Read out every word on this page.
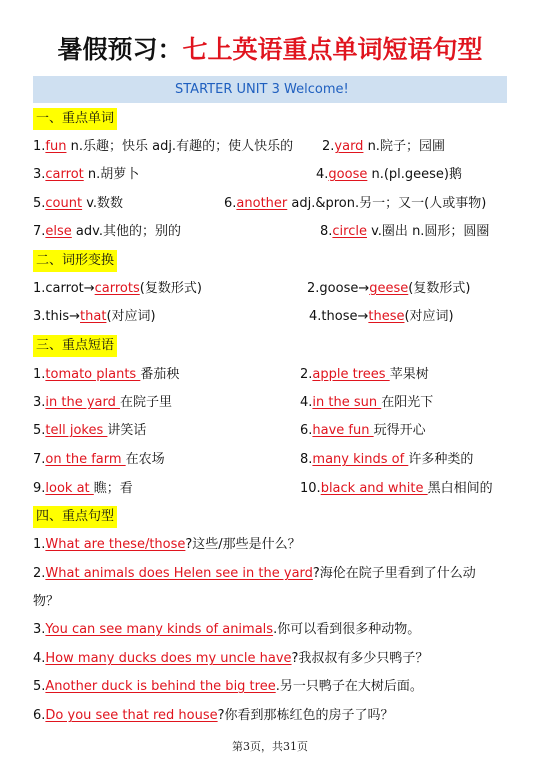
暑假预习：七上英语重点单词短语句型
STARTER UNIT 3 Welcome!
一、重点单词
1.fun n.乐趣；快乐 adj.有趣的；使人快乐的 2.yard n.院子；园圃
3.carrot n.胡萝卜	4.goose n.(pl.geese)鹅
5.count v.数数	6.another adj.&pron.另一；又一(人或事物)
7.else adv.其他的；别的	8.circle v.圈出 n.圆形；圆圈
二、词形变换
1.carrot→carrots(复数形式)	2.goose→geese(复数形式)
3.this→that(对应词)	4.those→these(对应词)
三、重点短语
1.tomato plants 番茄秧	2.apple trees 苹果树
3.in the yard 在院子里	4.in the sun 在阳光下
5.tell jokes 讲笑话	6.have fun 玩得开心
7.on the farm 在农场	8.many kinds of 许多种类的
9.look at 瞧；看	10.black and white 黑白相间的
四、重点句型
1.What are these/those?这些/那些是什么？
2.What animals does Helen see in the yard?海伦在院子里看到了什么动
物？
3.You can see many kinds of animals.你可以看到很多种动物。
4.How many ducks does my uncle have?我叔叔有多少只鸭子？
5.Another duck is behind the big tree.另一只鸭子在大树后面。
6.Do you see that red house?你看到那栋红色的房子了吗？
第3页，共31页
